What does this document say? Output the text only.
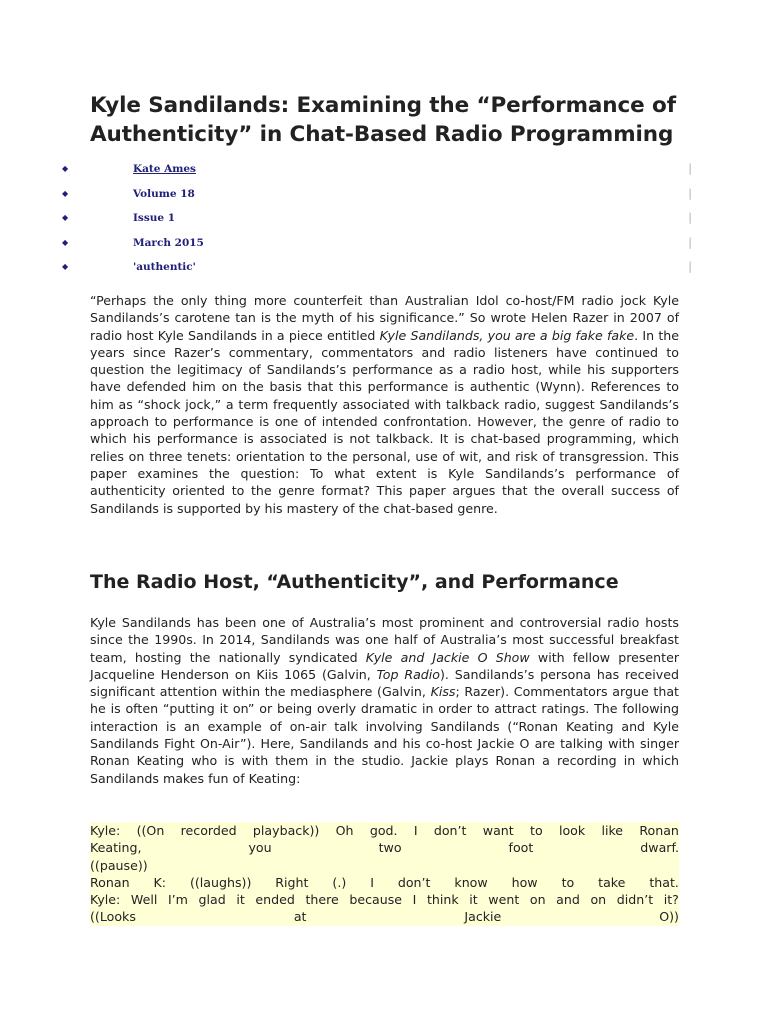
Kyle Sandilands: Examining the “Performance of Authenticity” in Chat-Based Radio Programming
◆	Kate Ames	|
◆	Volume 18	|
◆	Issue 1	|
◆	March 2015	|
◆	'authentic'	|

“Perhaps the only thing more counterfeit than Australian Idol co-host/FM radio jock Kyle Sandilands’s carotene tan is the myth of his significance.” So wrote Helen Razer in 2007 of radio host Kyle Sandilands in a piece entitled Kyle Sandilands, you are a big fake fake. In the years since Razer’s commentary, commentators and radio listeners have continued to question the legitimacy of Sandilands’s performance as a radio host, while his supporters have defended him on the basis that this performance is authentic (Wynn). References to him as “shock jock,” a term frequently associated with talkback radio, suggest Sandilands’s approach to performance is one of intended confrontation. However, the genre of radio to which his performance is associated is not talkback. It is chat-based programming, which relies on three tenets: orientation to the personal, use of wit, and risk of transgression. This paper examines the question: To what extent is Kyle Sandilands’s performance of authenticity oriented to the genre format? This paper argues that the overall success of Sandilands is supported by his mastery of the chat-based genre.

The Radio Host, “Authenticity”, and Performance

Kyle Sandilands has been one of Australia’s most prominent and controversial radio hosts since the 1990s. In 2014, Sandilands was one half of Australia’s most successful breakfast team, hosting the nationally syndicated Kyle and Jackie O Show with fellow presenter Jacqueline Henderson on Kiis 1065 (Galvin, Top Radio). Sandilands’s persona has received significant attention within the mediasphere (Galvin, Kiss; Razer). Commentators argue that he is often “putting it on” or being overly dramatic in order to attract ratings. The following interaction is an example of on-air talk involving Sandilands (“Ronan Keating and Kyle Sandilands Fight On-Air”). Here, Sandilands and his co-host Jackie O are talking with singer Ronan Keating who is with them in the studio. Jackie plays Ronan a recording in which Sandilands makes fun of Keating:

Kyle: ((On recorded playback)) Oh god. I don’t want to look like Ronan
Keating,	you	two	foot	dwarf.
((pause))
Ronan K: ((laughs)) Right (.) I don’t know how to take that.
Kyle: Well I’m glad it ended there because I think it went on and on didn’t it?
((Looks	at	Jackie	O))
